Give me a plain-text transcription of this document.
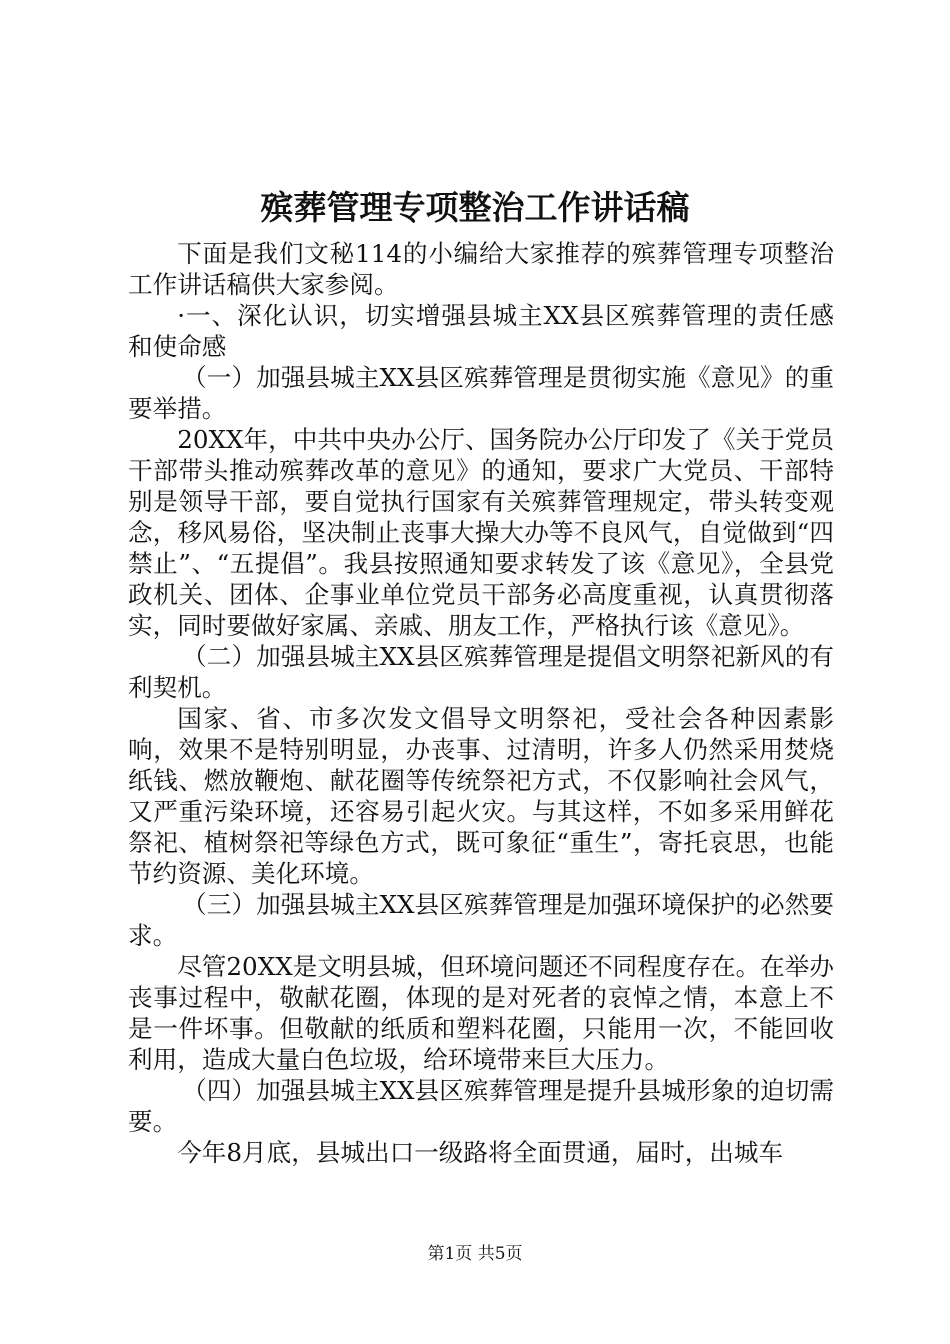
殡葬管理专项整治工作讲话稿

下面是我们文秘114的小编给大家推荐的殡葬管理专项整治工作讲话稿供大家参阅。

·一、深化认识，切实增强县城主XX县区殡葬管理的责任感和使命感

（一）加强县城主XX县区殡葬管理是贯彻实施《意见》的重要举措。

20XX年，中共中央办公厅、国务院办公厅印发了《关于党员干部带头推动殡葬改革的意见》的通知，要求广大党员、干部特别是领导干部，要自觉执行国家有关殡葬管理规定，带头转变观念，移风易俗，坚决制止丧事大操大办等不良风气，自觉做到“四禁止”、“五提倡”。我县按照通知要求转发了该《意见》，全县党政机关、团体、企事业单位党员干部务必高度重视，认真贯彻落实，同时要做好家属、亲戚、朋友工作，严格执行该《意见》。

（二）加强县城主XX县区殡葬管理是提倡文明祭祀新风的有利契机。

国家、省、市多次发文倡导文明祭祀，受社会各种因素影响，效果不是特别明显，办丧事、过清明，许多人仍然采用焚烧纸钱、燃放鞭炮、献花圈等传统祭祀方式，不仅影响社会风气，又严重污染环境，还容易引起火灾。与其这样，不如多采用鲜花祭祀、植树祭祀等绿色方式，既可象征“重生”，寄托哀思，也能节约资源、美化环境。

（三）加强县城主XX县区殡葬管理是加强环境保护的必然要求。

尽管20XX是文明县城，但环境问题还不同程度存在。在举办丧事过程中，敬献花圈，体现的是对死者的哀悼之情，本意上不是一件坏事。但敬献的纸质和塑料花圈，只能用一次，不能回收利用，造成大量白色垃圾，给环境带来巨大压力。

（四）加强县城主XX县区殡葬管理是提升县城形象的迫切需要。

今年8月底，县城出口一级路将全面贯通，届时，出城车

第1页 共5页
